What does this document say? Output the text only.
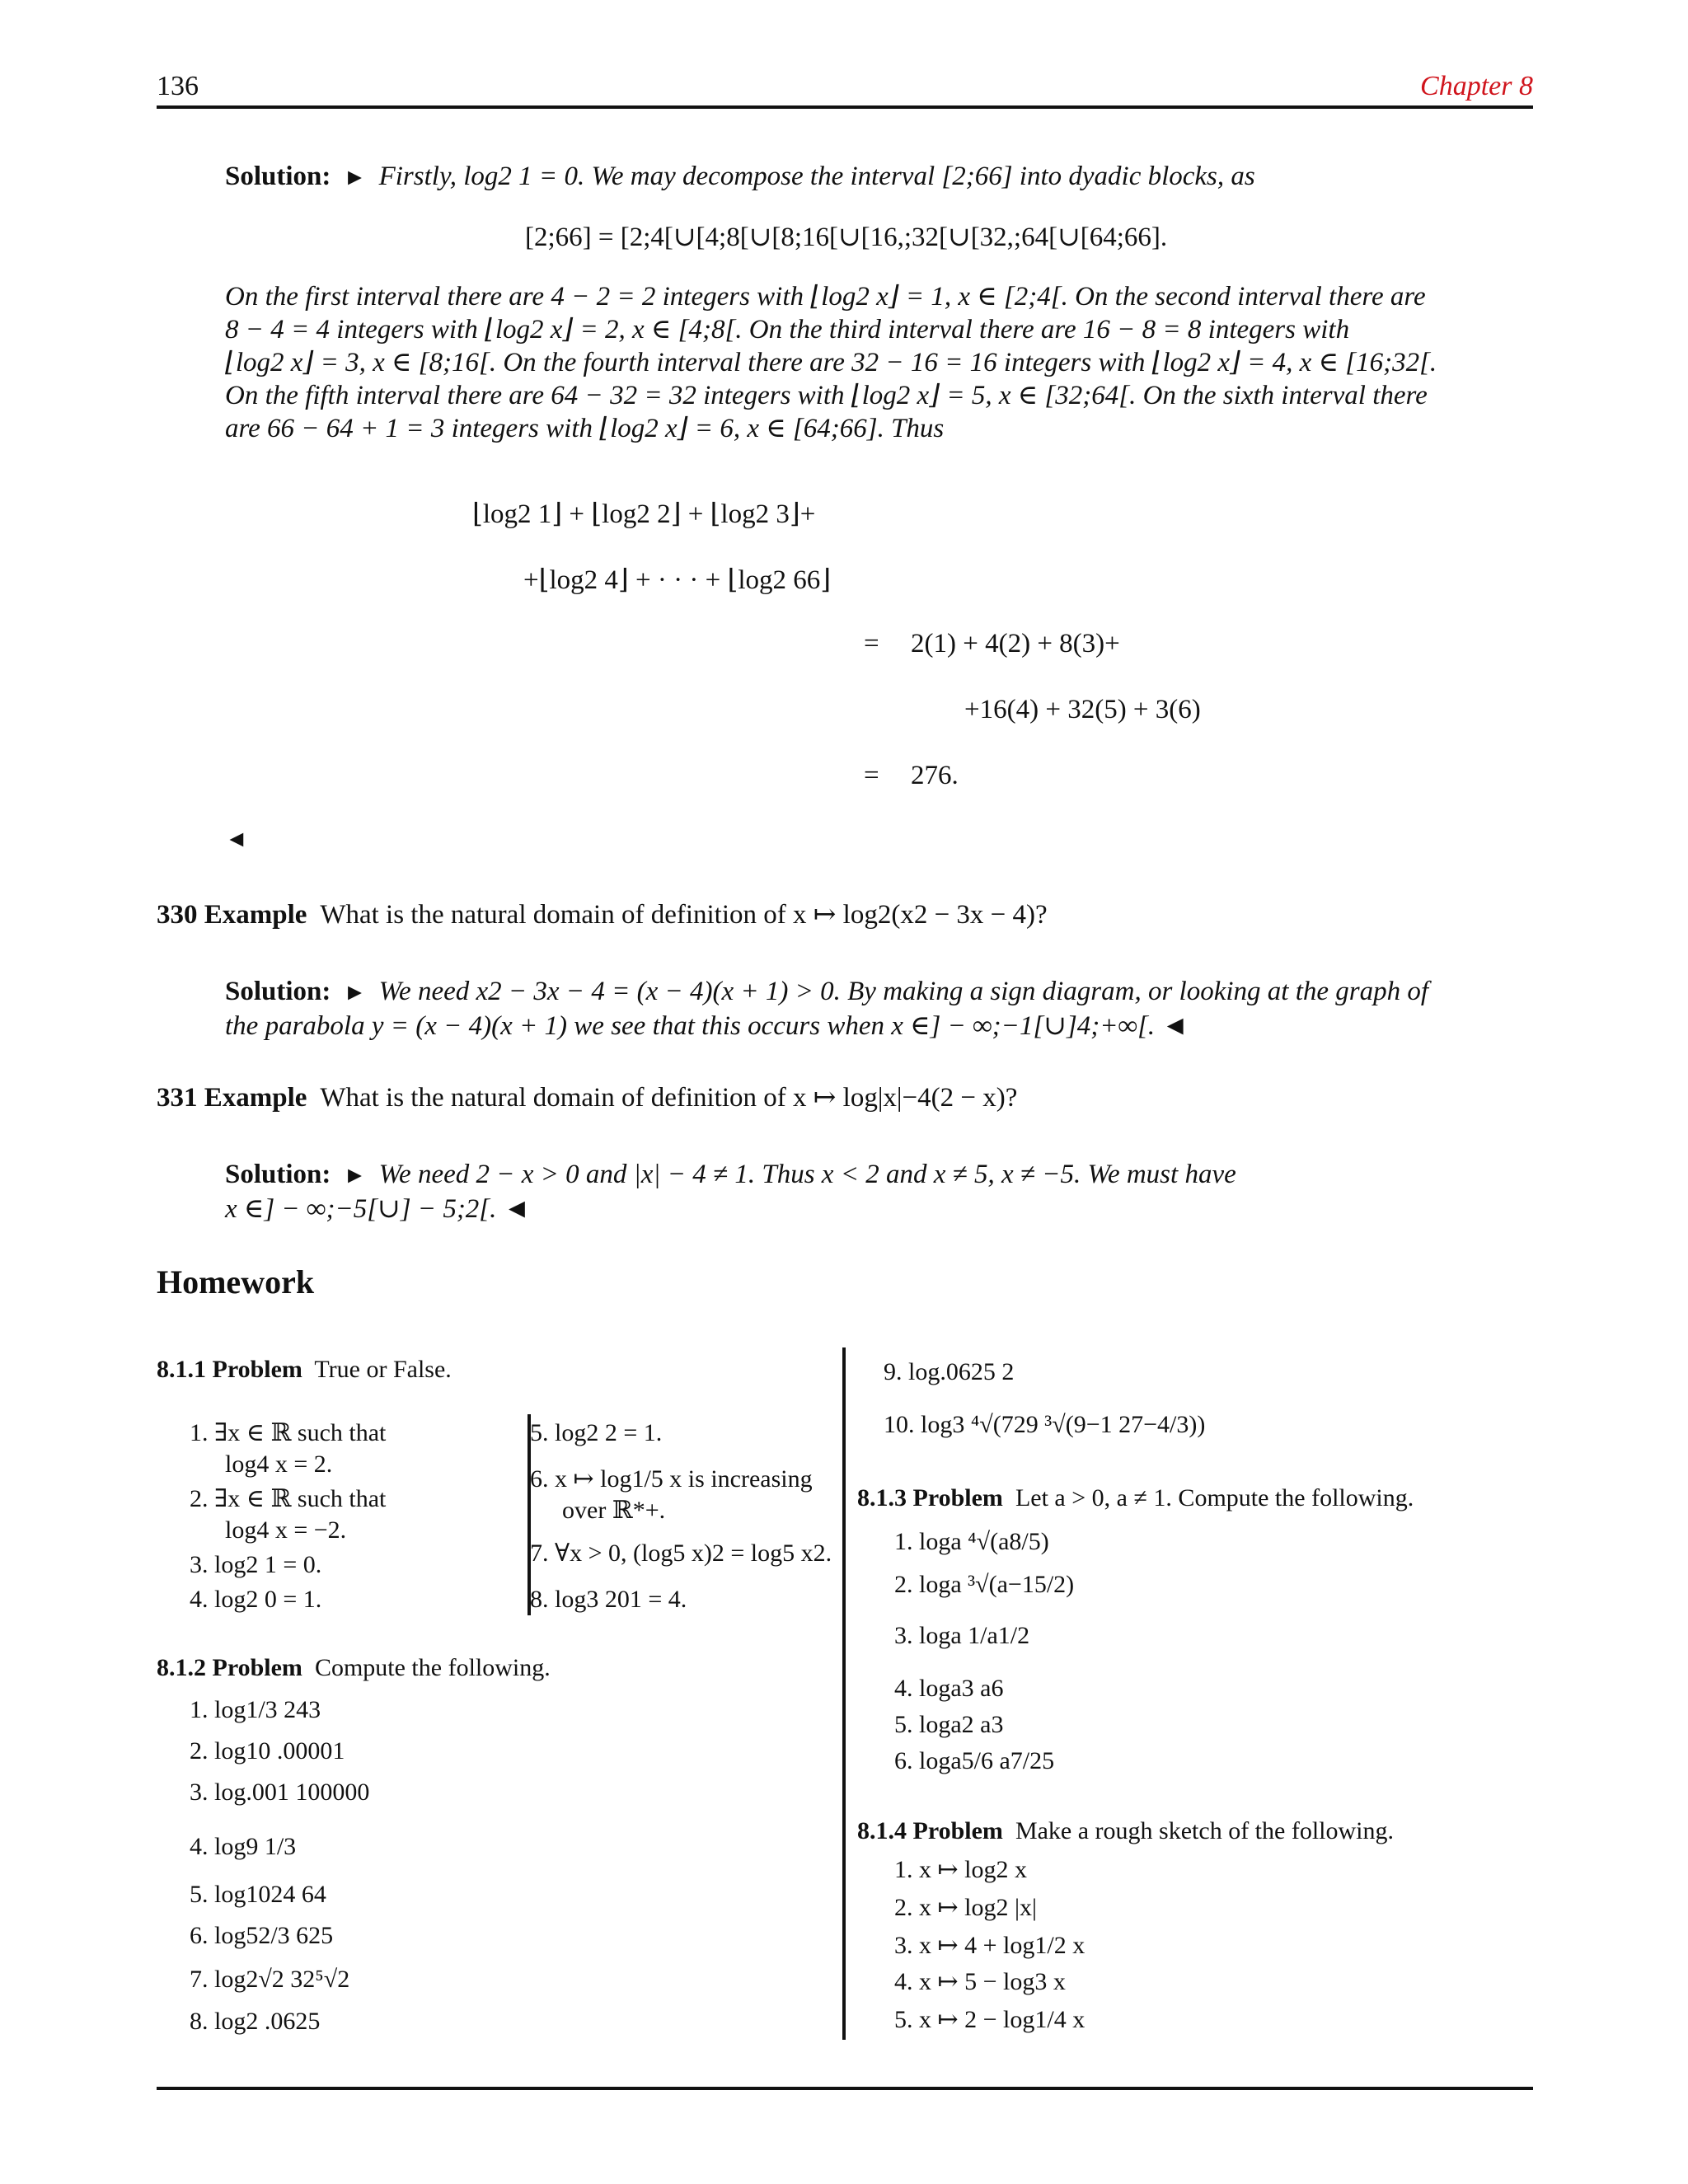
136	Chapter 8
Solution:  ►  Firstly, log2 1 = 0. We may decompose the interval [2;66] into dyadic blocks, as
[2;66] = [2;4[∪[4;8[∪[8;16[∪[16,;32[∪[32,;64[∪[64;66].
On the first interval there are 4 − 2 = 2 integers with ⌊log2 x⌋ = 1, x ∈ [2;4[. On the second interval there are
8 − 4 = 4 integers with ⌊log2 x⌋ = 2, x ∈ [4;8[. On the third interval there are 16 − 8 = 8 integers with
⌊log2 x⌋ = 3, x ∈ [8;16[. On the fourth interval there are 32 − 16 = 16 integers with ⌊log2 x⌋ = 4, x ∈ [16;32[.
On the fifth interval there are 64 − 32 = 32 integers with ⌊log2 x⌋ = 5, x ∈ [32;64[. On the sixth interval there
are 66 − 64 + 1 = 3 integers with ⌊log2 x⌋ = 6, x ∈ [64;66]. Thus
⌊log2 1⌋ + ⌊log2 2⌋ + ⌊log2 3⌋+
+⌊log2 4⌋ + · · · + ⌊log2 66⌋
= 2(1) + 4(2) + 8(3)+
+16(4) + 32(5) + 3(6)
= 276.
◄
330 Example What is the natural domain of definition of x ↦ log2(x2 − 3x − 4)?
Solution:  ►  We need x2 − 3x − 4 = (x − 4)(x + 1) > 0. By making a sign diagram, or looking at the graph of
the parabola y = (x − 4)(x + 1) we see that this occurs when x ∈] − ∞;−1[∪]4;+∞[. ◄
331 Example What is the natural domain of definition of x ↦ log|x|−4(2 − x)?
Solution:  ►  We need 2 − x > 0 and |x| − 4 ≠ 1. Thus x < 2 and x ≠ 5, x ≠ −5. We must have
x ∈] − ∞;−5[∪] − 5;2[. ◄
Homework
8.1.1 Problem True or False.
1. ∃x ∈ ℝ such that
log4 x = 2.
2. ∃x ∈ ℝ such that
log4 x = −2.
3. log2 1 = 0.
4. log2 0 = 1.
5. log2 2 = 1.
6. x ↦ log1/5 x is increasing
over ℝ*+.
7. ∀x > 0, (log5 x)2 = log5 x2.
8. log3 201 = 4.
8.1.2 Problem Compute the following.
1. log1/3 243
2. log10 .00001
3. log.001 100000
4. log9 1/3
5. log1024 64
6. log52/3 625
7. log2√2 32⁵√2
8. log2 .0625
9. log.0625 2
10. log3 ⁴√(729 ³√(9−1 27−4/3))
8.1.3 Problem Let a > 0, a ≠ 1. Compute the following.
1. loga ⁴√(a8/5)
2. loga ³√(a−15/2)
3. loga 1/a1/2
4. loga3 a6
5. loga2 a3
6. loga5/6 a7/25
8.1.4 Problem Make a rough sketch of the following.
1. x ↦ log2 x
2. x ↦ log2 |x|
3. x ↦ 4 + log1/2 x
4. x ↦ 5 − log3 x
5. x ↦ 2 − log1/4 x
